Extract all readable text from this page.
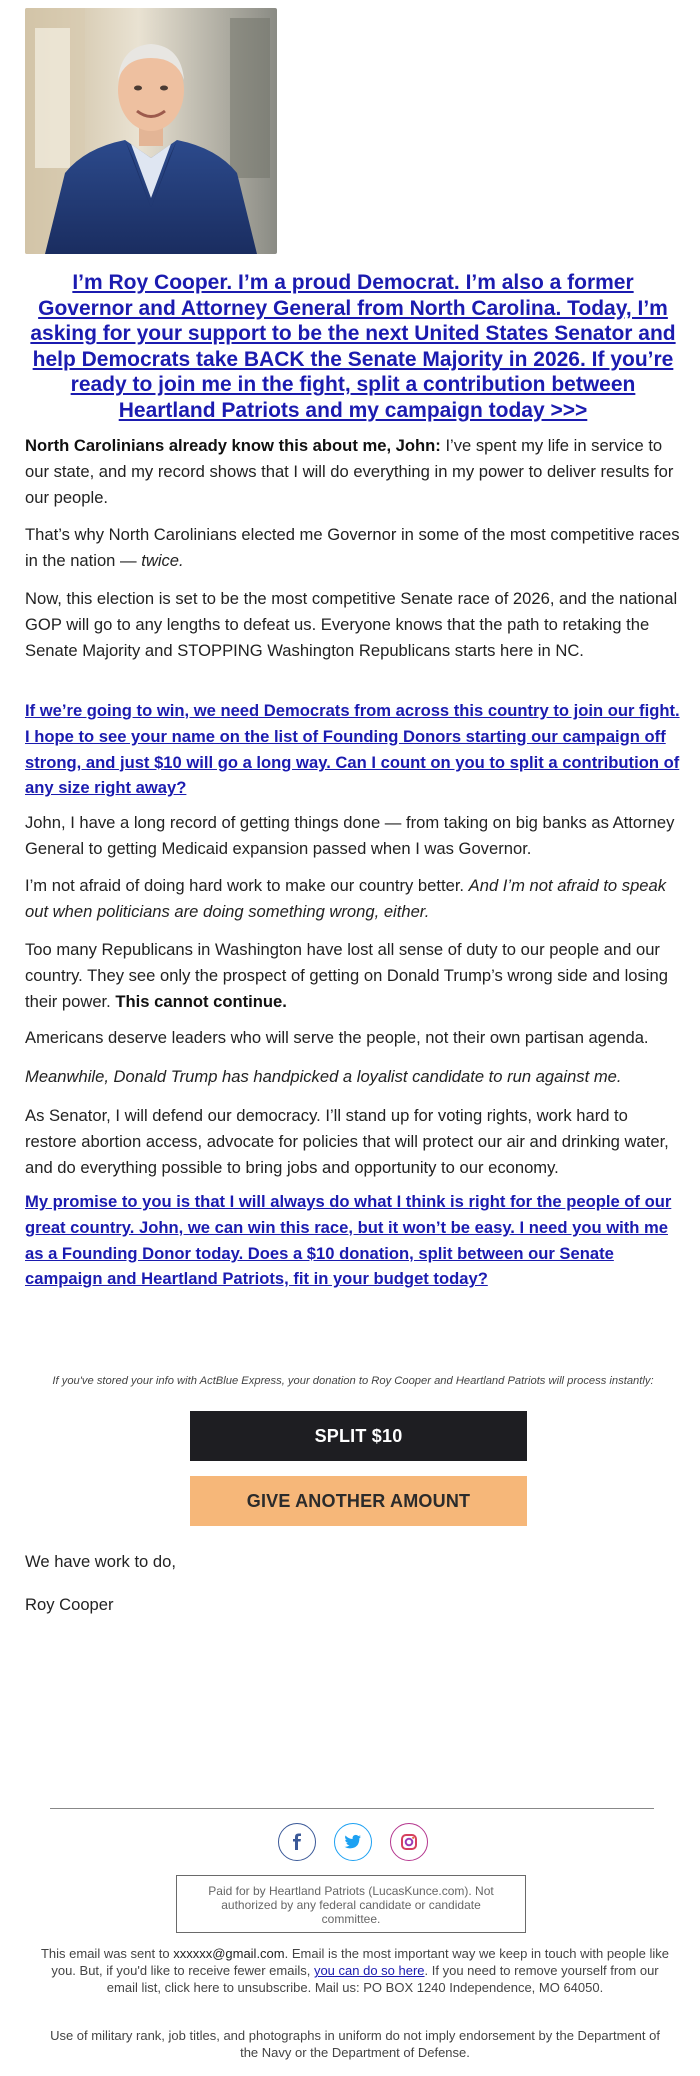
I’m Roy Cooper. I’m a proud Democrat. I’m also a former Governor and Attorney General from North Carolina. Today, I’m asking for your support to be the next United States Senator and help Democrats take BACK the Senate Majority in 2026. If you’re ready to join me in the fight, split a contribution between Heartland Patriots and my campaign today >>>
North Carolinians already know this about me, John: I’ve spent my life in service to our state, and my record shows that I will do everything in my power to deliver results for our people.
That’s why North Carolinians elected me Governor in some of the most competitive races in the nation — twice.
Now, this election is set to be the most competitive Senate race of 2026, and the national GOP will go to any lengths to defeat us. Everyone knows that the path to retaking the Senate Majority and STOPPING Washington Republicans starts here in NC.
If we’re going to win, we need Democrats from across this country to join our fight. I hope to see your name on the list of Founding Donors starting our campaign off strong, and just $10 will go a long way. Can I count on you to split a contribution of any size right away?
John, I have a long record of getting things done — from taking on big banks as Attorney General to getting Medicaid expansion passed when I was Governor.
I’m not afraid of doing hard work to make our country better. And I’m not afraid to speak out when politicians are doing something wrong, either.
Too many Republicans in Washington have lost all sense of duty to our people and our country. They see only the prospect of getting on Donald Trump’s wrong side and losing their power. This cannot continue.
Americans deserve leaders who will serve the people, not their own partisan agenda.
Meanwhile, Donald Trump has handpicked a loyalist candidate to run against me.
As Senator, I will defend our democracy. I’ll stand up for voting rights, work hard to restore abortion access, advocate for policies that will protect our air and drinking water, and do everything possible to bring jobs and opportunity to our economy.
My promise to you is that I will always do what I think is right for the people of our great country. John, we can win this race, but it won’t be easy. I need you with me as a Founding Donor today. Does a $10 donation, split between our Senate campaign and Heartland Patriots, fit in your budget today?
If you've stored your info with ActBlue Express, your donation to Roy Cooper and Heartland Patriots will process instantly:
SPLIT $10
GIVE ANOTHER AMOUNT
We have work to do,
Roy Cooper
Paid for by Heartland Patriots (LucasKunce.com). Not authorized by any federal candidate or candidate committee.
This email was sent to xxxxxx@gmail.com. Email is the most important way we keep in touch with people like you. But, if you'd like to receive fewer emails, you can do so here. If you need to remove yourself from our email list, click here to unsubscribe. Mail us: PO BOX 1240 Independence, MO 64050.
Use of military rank, job titles, and photographs in uniform do not imply endorsement by the Department of the Navy or the Department of Defense.
